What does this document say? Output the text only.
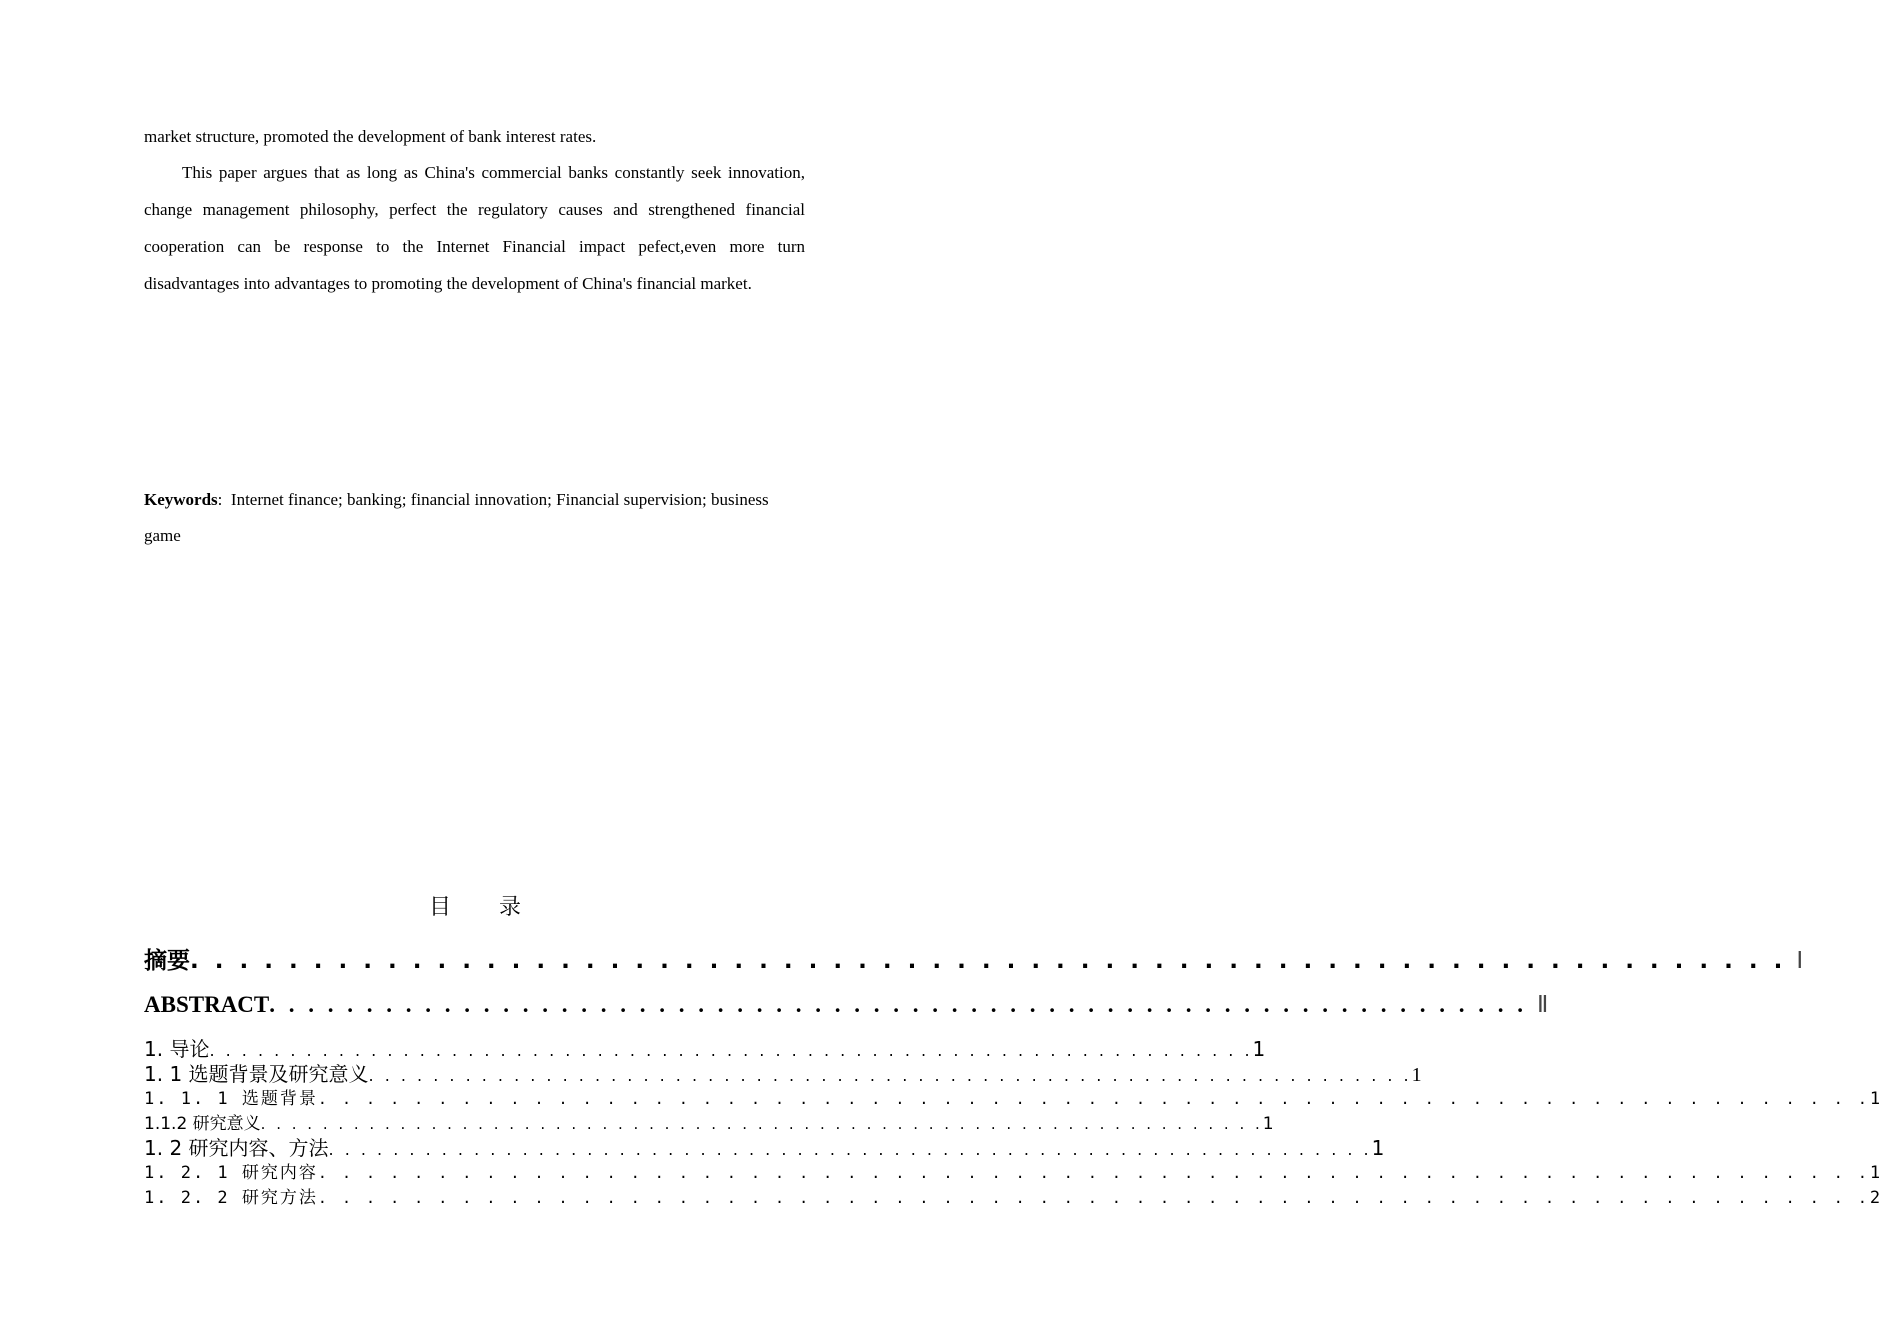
market structure, promoted the development of bank interest rates.

This paper argues that as long as China's commercial banks constantly seek innovation, change management philosophy, perfect the regulatory causes and strengthened financial cooperation can be response to the Internet Financial impact pefect,even more turn disadvantages into advantages to promoting the development of China's financial market.

Keywords: Internet finance; banking; financial innovation; Financial supervision; business game

目 录
摘要 . . . . . . . . . . . . . . . . . . . . . . . . . . . . . . . . . . . . . . . . . . . . . . . . . . . . . . . . . . . . . . . . . Ⅰ
ABSTRACT . . . . . . . . . . . . . . . . . . . . . . . . . . . . . . . . . . . . . . . . . . . . . . . . . . . . . . . . . . . . . . . . . Ⅱ
1. 导论 . . . . . . . . . . . . . . . . . . . . . . . . . . . . . . . . . . . . . . . . . . . . . . . . . . . . . . . . . . . . . . . . . 1
1. 1 选题背景及研究意义 . . . . . . . . . . . . . . . . . . . . . . . . . . . . . . . . . . . . . . . . . . . . . . . . . . . . . . . . . . . . . . . . . 1
1. 1. 1 选题背景 . . . . . . . . . . . . . . . . . . . . . . . . . . . . . . . . . . . . . . . . . . . . . . . . . . . . . . . . . . . . . . . . . 1
1.1.2 研究意义 . . . . . . . . . . . . . . . . . . . . . . . . . . . . . . . . . . . . . . . . . . . . . . . . . . . . . . . . . . . . . . . . . 1
1. 2 研究内容、方法 . . . . . . . . . . . . . . . . . . . . . . . . . . . . . . . . . . . . . . . . . . . . . . . . . . . . . . . . . . . . . . . . . 1
1. 2. 1 研究内容 . . . . . . . . . . . . . . . . . . . . . . . . . . . . . . . . . . . . . . . . . . . . . . . . . . . . . . . . . . . . . . . . . 1
1. 2. 2 研究方法 . . . . . . . . . . . . . . . . . . . . . . . . . . . . . . . . . . . . . . . . . . . . . . . . . . . . . . . . . . . . . . . . . 2
